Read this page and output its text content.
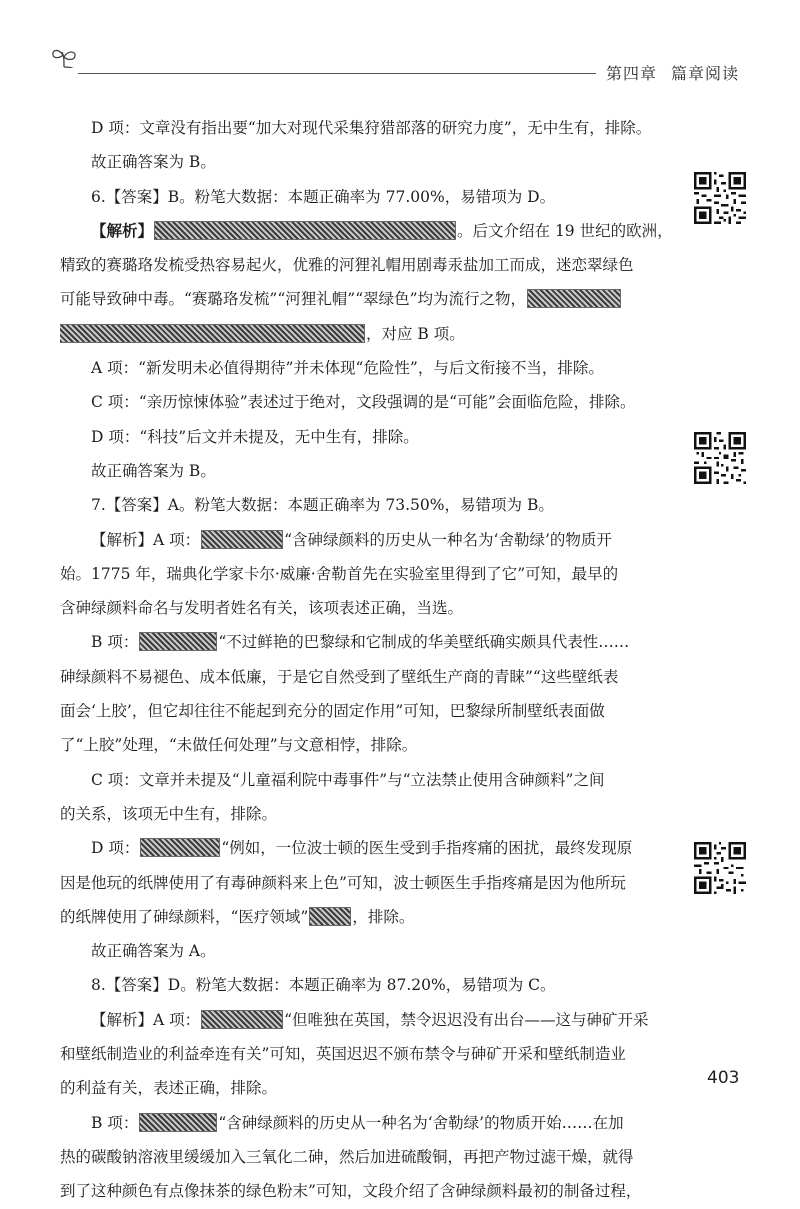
第四章 篇章阅读
D 项：文章没有指出要“加大对现代采集狩猎部落的研究力度”，无中生有，排除。
故正确答案为 B。
6.【答案】B。粉笔大数据：本题正确率为 77.00%，易错项为 D。
【解析】	。后文介绍在 19 世纪的欧洲，
精致的赛璐珞发梳受热容易起火，优雅的河狸礼帽用剧毒汞盐加工而成，迷恋翠绿色
可能导致砷中毒。“赛璐珞发梳”“河狸礼帽”“翠绿色”均为流行之物，
，对应 B 项。
A 项：“新发明未必值得期待”并未体现“危险性”，与后文衔接不当，排除。
C 项：“亲历惊悚体验”表述过于绝对，文段强调的是“可能”会面临危险，排除。
D 项：“科技”后文并未提及，无中生有，排除。
故正确答案为 B。
7.【答案】A。粉笔大数据：本题正确率为 73.50%，易错项为 B。
【解析】A 项：	“含砷绿颜料的历史从一种名为‘舍勒绿’的物质开
始。1775 年，瑞典化学家卡尔·威廉·舍勒首先在实验室里得到了它”可知，最早的
含砷绿颜料命名与发明者姓名有关，该项表述正确，当选。
B 项：	“不过鲜艳的巴黎绿和它制成的华美壁纸确实颇具代表性……
砷绿颜料不易褪色、成本低廉，于是它自然受到了壁纸生产商的青睐”“这些壁纸表
面会‘上胶’，但它却往往不能起到充分的固定作用”可知，巴黎绿所制壁纸表面做
了“上胶”处理，“未做任何处理”与文意相悖，排除。
C 项：文章并未提及“儿童福利院中毒事件”与“立法禁止使用含砷颜料”之间
的关系，该项无中生有，排除。
D 项：	“例如，一位波士顿的医生受到手指疼痛的困扰，最终发现原
因是他玩的纸牌使用了有毒砷颜料来上色”可知，波士顿医生手指疼痛是因为他所玩
的纸牌使用了砷绿颜料，“医疗领域”	，排除。
故正确答案为 A。
8.【答案】D。粉笔大数据：本题正确率为 87.20%，易错项为 C。
【解析】A 项：	“但唯独在英国，禁令迟迟没有出台——这与砷矿开采
和壁纸制造业的利益牵连有关”可知，英国迟迟不颁布禁令与砷矿开采和壁纸制造业
的利益有关，表述正确，排除。
B 项：	“含砷绿颜料的历史从一种名为‘舍勒绿’的物质开始……在加
热的碳酸钠溶液里缓缓加入三氧化二砷，然后加进硫酸铜，再把产物过滤干燥，就得
到了这种颜色有点像抹茶的绿色粉末”可知，文段介绍了含砷绿颜料最初的制备过程，
403
